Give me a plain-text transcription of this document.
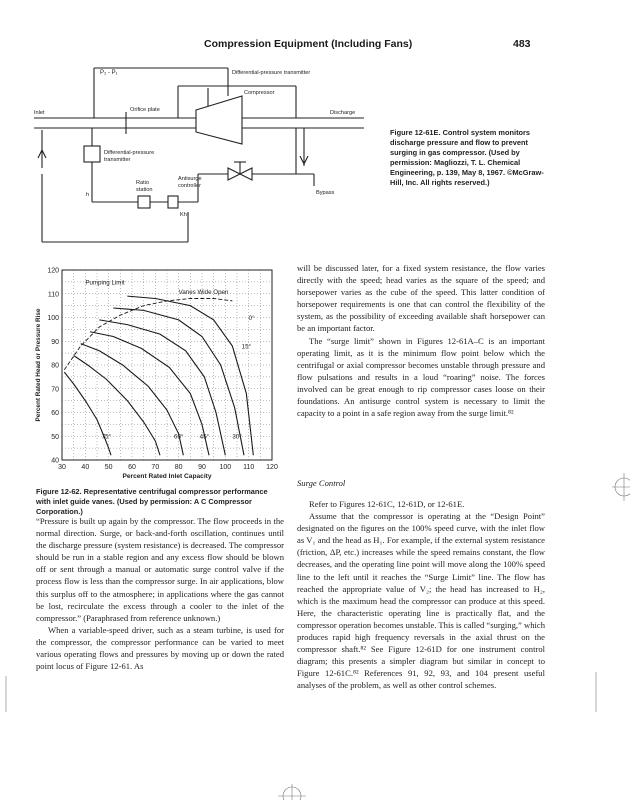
Compression Equipment (Including Fans)	483
P₂ - P₁	Differential-pressure transmitter
Inlet	Orifice plate
Compressor
Discharge
Differential-pressure
transmitter
h
Ratio
station
Antisurge
controller
Kh
Bypass
Figure 12-61E. Control system monitors discharge pressure and flow to prevent surging in gas compressor. (Used by permission: Magliozzi, T. L. Chemical Engineering, p. 139, May 8, 1967. ©McGraw-Hill, Inc. All rights reserved.)
30 40 50 60 70 80 90 100 110 120
40
50
60
70
80
90
100
110
120
Percent Rated Head or Pressure Rise
Percent Rated Inlet Capacity
Pumping Limit
Vanes Wide Open
0°
15°
30°
45°
60°
75°
Figure 12-62. Representative centrifugal compressor performance with inlet guide vanes. (Used by permission: A C Compressor Corporation.)

“Pressure is built up again by the compressor. The flow proceeds in the normal direction. Surge, or back-and-forth oscillation, continues until the discharge pressure (system resistance) is decreased. The compressor should be run in a stable region and any excess flow should be blown off or sent through a manual or automatic surge control valve if the process flow is less than the compressor surge. In air applications, blow this surplus off to the atmosphere; in applications where the gas cannot be lost, recirculate the excess through a cooler to the inlet of the compressor.” (Paraphrased from reference unknown.)

When a variable-speed driver, such as a steam turbine, is used for the compressor, the compressor performance can be varied to meet various operating flows and pressures by moving up or down the rated point locus of Figure 12-61. As

will be discussed later, for a fixed system resistance, the flow varies directly with the speed; head varies as the square of the speed; and horsepower varies as the cube of the speed. This latter condition of horsepower requirements is one that can control the flexibility of the system, as the possibility of exceeding available shaft horsepower can be an important factor.

The “surge limit” shown in Figures 12-61A–C is an important operating limit, as it is the minimum flow point below which the centrifugal or axial compressor becomes unstable through pressure and flow pulsations and results in a loud “roaring” noise. The forces involved can be great enough to rip compressor cases loose on their foundations. An antisurge control system is necessary to limit the capacity to a point in a safe region away from the surge limit.⁸²

Surge Control

Refer to Figures 12-61C, 12-61D, or 12-61E.

Assume that the compressor is operating at the “Design Point” designated on the figures on the 100% speed curve, with the inlet flow as V₁ and the head as H₁. For example, if the external system resistance (friction, ΔP, etc.) increases while the speed remains constant, the flow decreases, and the operating line point will move along the 100% speed line to the left until it reaches the “Surge Limit” line. The flow has reached the appropriate value of V₂; the head has increased to H₂, which is the maximum head the compressor can produce at this speed. Here, the characteristic operating line is practically flat, and the compressor operation becomes unstable. This is called “surging,” which produces rapid high frequency reversals in the axial thrust on the compressor shaft.⁸² See Figure 12-61D for one instrument control diagram; this presents a simpler diagram but similar in concept to Figure 12-61C.⁸² References 91, 92, 93, and 104 present useful analyses of the problem, as well as other control schemes.
